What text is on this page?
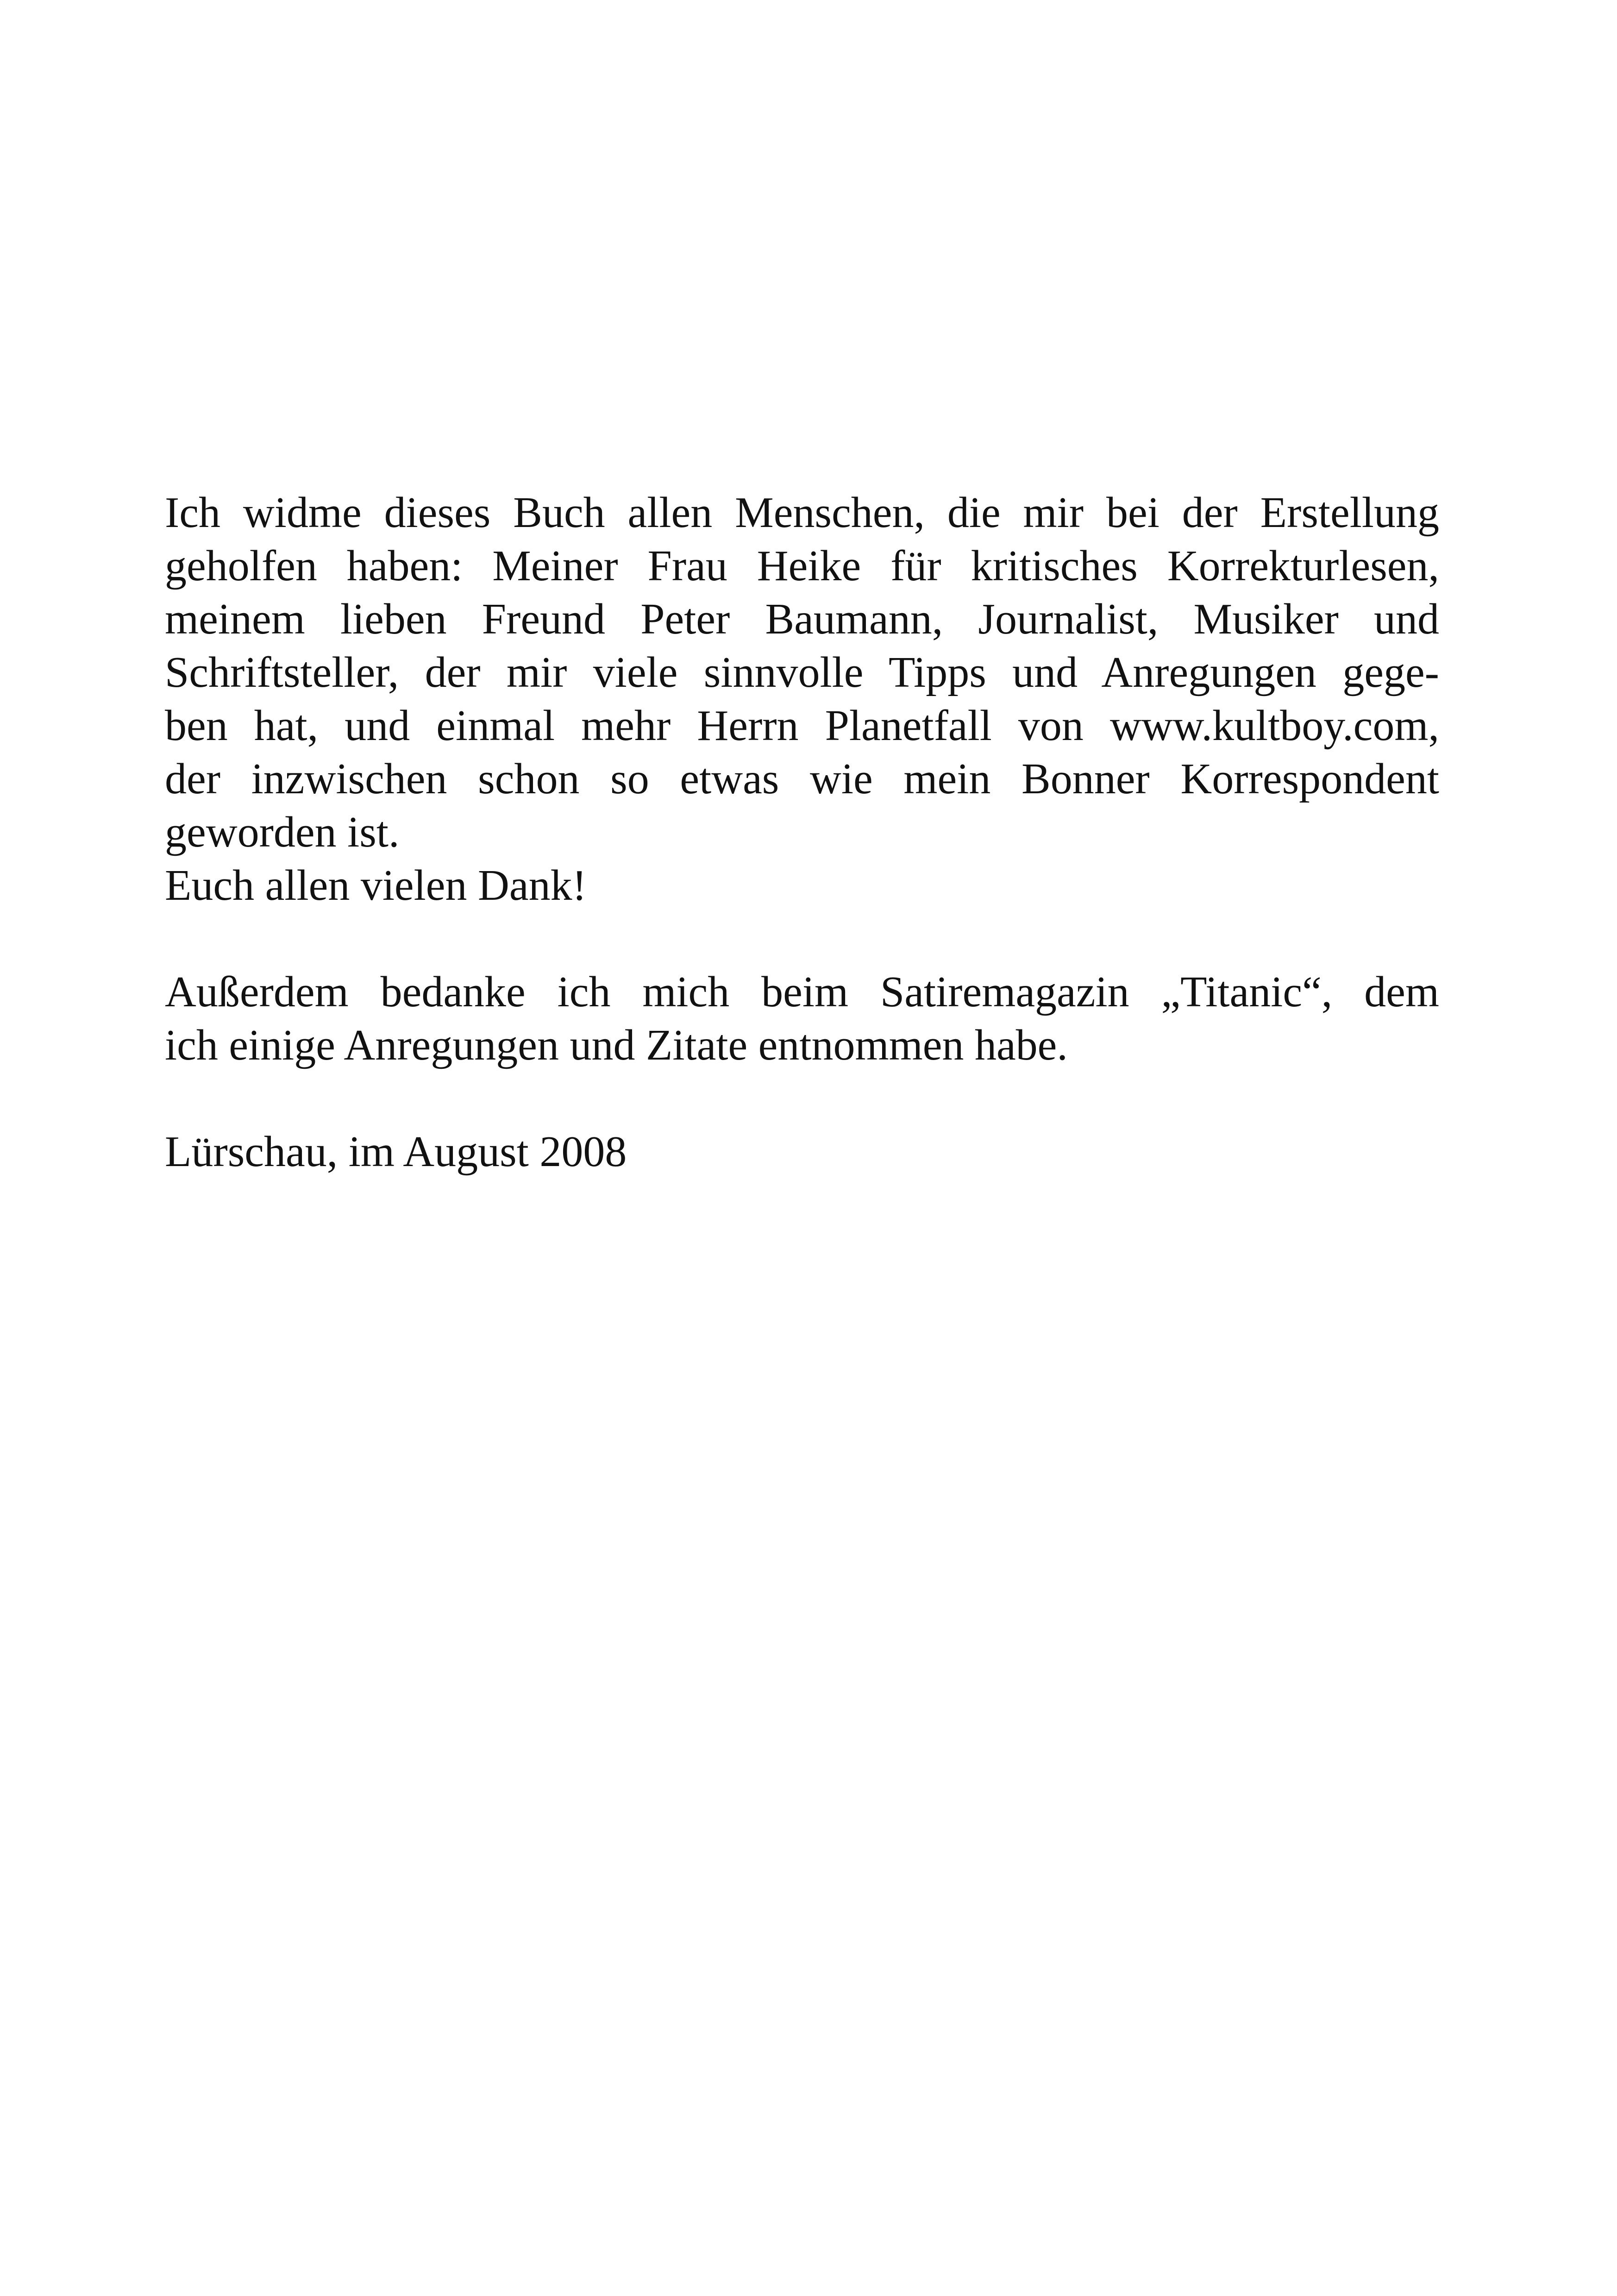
Ich widme dieses Buch allen Menschen, die mir bei der Erstellung
geholfen haben: Meiner Frau Heike für kritisches Korrekturlesen,
meinem lieben Freund Peter Baumann, Journalist, Musiker und
Schriftsteller, der mir viele sinnvolle Tipps und Anregungen gege-
ben hat, und einmal mehr Herrn Planetfall von www.kultboy.com,
der inzwischen schon so etwas wie mein Bonner Korrespondent
geworden ist.
Euch allen vielen Dank!
Außerdem bedanke ich mich beim Satiremagazin „Titanic“, dem
ich einige Anregungen und Zitate entnommen habe.
Lürschau, im August 2008
